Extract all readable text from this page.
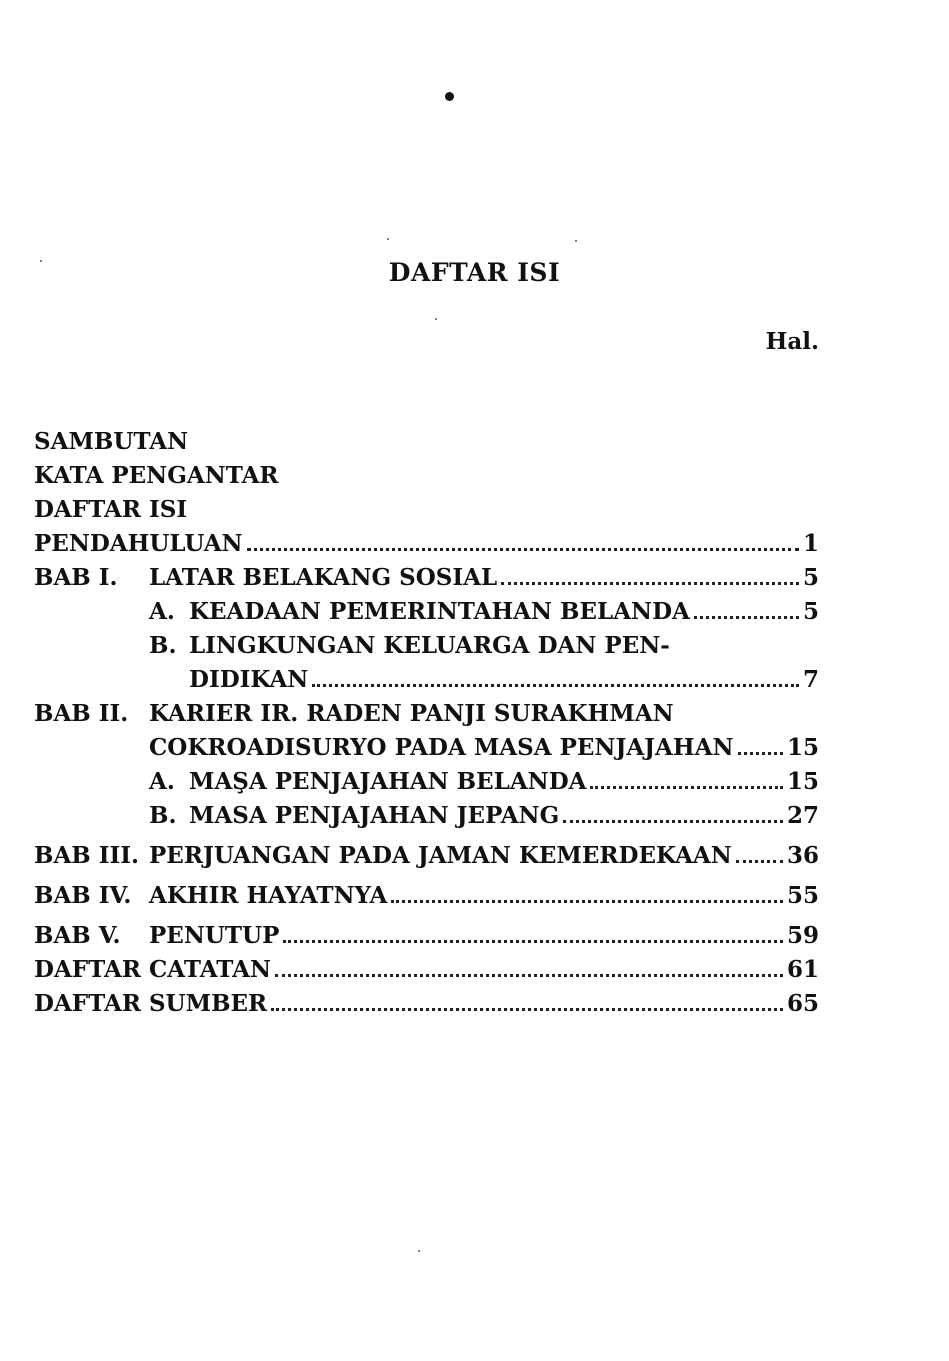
DAFTAR ISI
Hal.
SAMBUTAN
KATA PENGANTAR
DAFTAR ISI
PENDAHULUAN	1
BAB I.	LATAR BELAKANG SOSIAL	5
A. KEADAAN PEMERINTAHAN BELANDA	5
B. LINGKUNGAN KELUARGA DAN PEN-
DIDIKAN	7
BAB II. KARIER IR. RADEN PANJI SURAKHMAN
COKROADISURYO PADA MASA PENJAJAHAN 15
A. MAŞA PENJAJAHAN BELANDA	15
B. MASA PENJAJAHAN JEPANG	27
BAB III. PERJUANGAN PADA JAMAN KEMERDEKAAN 36
BAB IV. AKHIR HAYATNYA	55
BAB V.	PENUTUP	59
DAFTAR CATATAN	61
DAFTAR SUMBER	65
